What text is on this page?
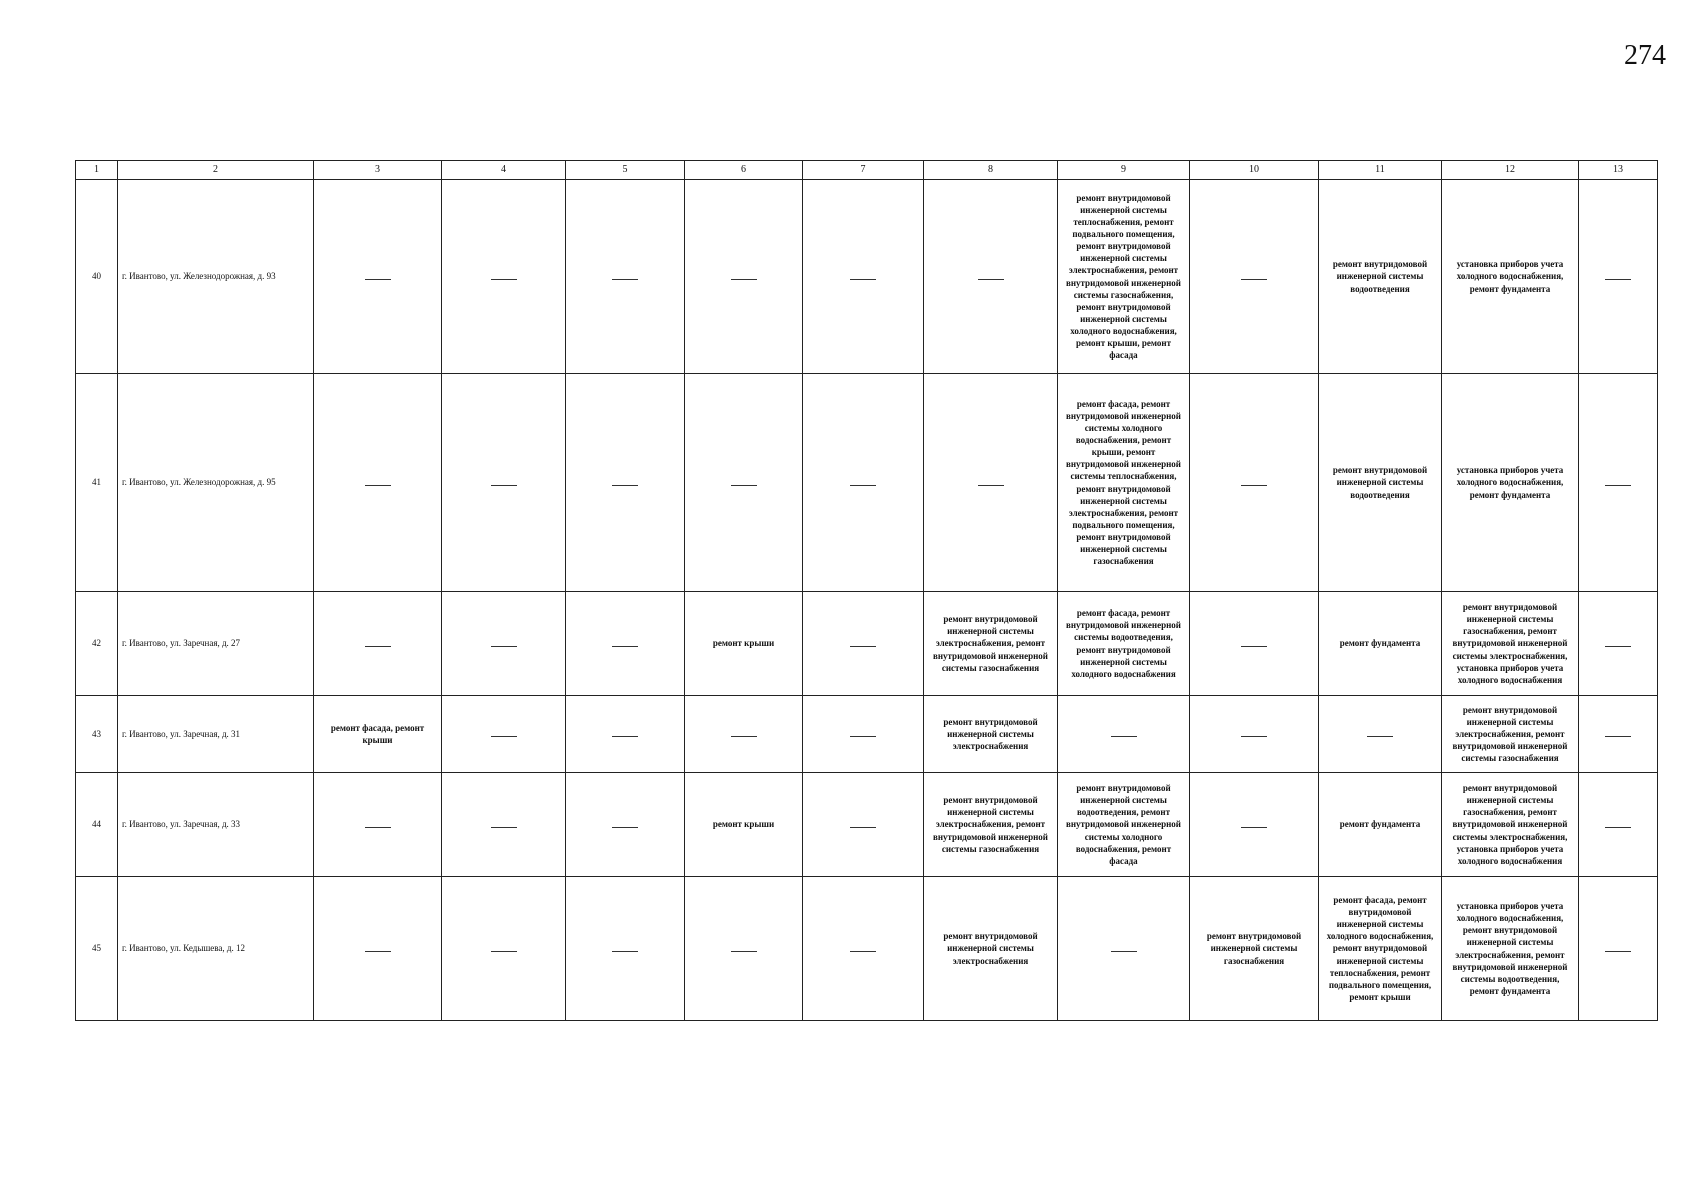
274
1	2	3	4	5	6	7	8	9	10	11	12	13
40	г. Ивантово, ул. Железнодорожная, д. 93							ремонт внутридомовой инженерной системы теплоснабжения, ремонт подвального помещения, ремонт внутридомовой инженерной системы электроснабжения, ремонт внутридомовой инженерной системы газоснабжения, ремонт внутридомовой инженерной системы холодного водоснабжения, ремонт крыши, ремонт фасада		ремонт внутридомовой инженерной системы водоотведения	установка приборов учета холодного водоснабжения, ремонт фундамента	
41	г. Ивантово, ул. Железнодорожная, д. 95							ремонт фасада, ремонт внутридомовой инженерной системы холодного водоснабжения, ремонт крыши, ремонт внутридомовой инженерной системы теплоснабжения, ремонт внутридомовой инженерной системы электроснабжения, ремонт подвального помещения, ремонт внутридомовой инженерной системы газоснабжения		ремонт внутридомовой инженерной системы водоотведения	установка приборов учета холодного водоснабжения, ремонт фундамента	
42	г. Ивантово, ул. Заречная, д. 27				ремонт крыши		ремонт внутридомовой инженерной системы электроснабжения, ремонт внутридомовой инженерной системы газоснабжения	ремонт фасада, ремонт внутридомовой инженерной системы водоотведения, ремонт внутридомовой инженерной системы холодного водоснабжения		ремонт фундамента	ремонт внутридомовой инженерной системы газоснабжения, ремонт внутридомовой инженерной системы электроснабжения, установка приборов учета холодного водоснабжения	
43	г. Ивантово, ул. Заречная, д. 31	ремонт фасада, ремонт крыши					ремонт внутридомовой инженерной системы электроснабжения				ремонт внутридомовой инженерной системы электроснабжения, ремонт внутридомовой инженерной системы газоснабжения	
44	г. Ивантово, ул. Заречная, д. 33				ремонт крыши		ремонт внутридомовой инженерной системы электроснабжения, ремонт внутридомовой инженерной системы газоснабжения	ремонт внутридомовой инженерной системы водоотведения, ремонт внутридомовой инженерной системы холодного водоснабжения, ремонт фасада		ремонт фундамента	ремонт внутридомовой инженерной системы газоснабжения, ремонт внутридомовой инженерной системы электроснабжения, установка приборов учета холодного водоснабжения	
45	г. Ивантово, ул. Кедышева, д. 12						ремонт внутридомовой инженерной системы электроснабжения		ремонт внутридомовой инженерной системы газоснабжения	ремонт фасада, ремонт внутридомовой инженерной системы холодного водоснабжения, ремонт внутридомовой инженерной системы теплоснабжения, ремонт подвального помещения, ремонт крыши	установка приборов учета холодного водоснабжения, ремонт внутридомовой инженерной системы электроснабжения, ремонт внутридомовой инженерной системы водоотведения, ремонт фундамента	
